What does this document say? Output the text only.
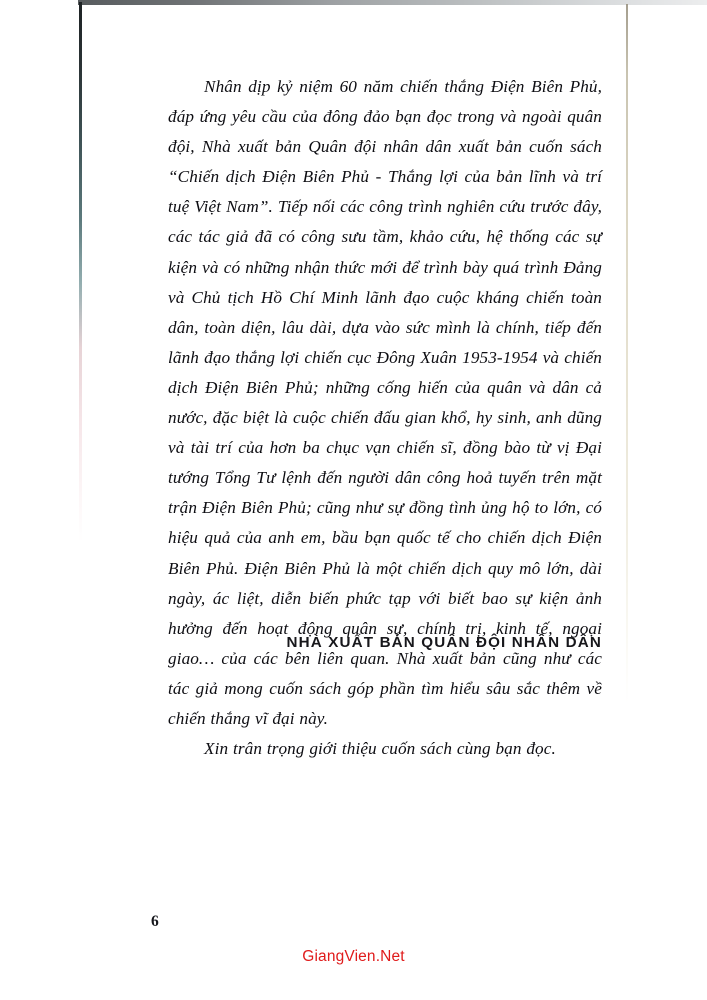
Nhân dịp kỷ niệm 60 năm chiến thắng Điện Biên Phủ, đáp ứng yêu cầu của đông đảo bạn đọc trong và ngoài quân đội, Nhà xuất bản Quân đội nhân dân xuất bản cuốn sách “Chiến dịch Điện Biên Phủ - Thắng lợi của bản lĩnh và trí tuệ Việt Nam”. Tiếp nối các công trình nghiên cứu trước đây, các tác giả đã có công sưu tầm, khảo cứu, hệ thống các sự kiện và có những nhận thức mới để trình bày quá trình Đảng và Chủ tịch Hồ Chí Minh lãnh đạo cuộc kháng chiến toàn dân, toàn diện, lâu dài, dựa vào sức mình là chính, tiếp đến lãnh đạo thắng lợi chiến cục Đông Xuân 1953-1954 và chiến dịch Điện Biên Phủ; những cống hiến của quân và dân cả nước, đặc biệt là cuộc chiến đấu gian khổ, hy sinh, anh dũng và tài trí của hơn ba chục vạn chiến sĩ, đồng bào từ vị Đại tướng Tổng Tư lệnh đến người dân công hoả tuyến trên mặt trận Điện Biên Phủ; cũng như sự đồng tình ủng hộ to lớn, có hiệu quả của anh em, bầu bạn quốc tế cho chiến dịch Điện Biên Phủ. Điện Biên Phủ là một chiến dịch quy mô lớn, dài ngày, ác liệt, diễn biến phức tạp với biết bao sự kiện ảnh hưởng đến hoạt động quân sự, chính trị, kinh tế, ngoại giao… của các bên liên quan. Nhà xuất bản cũng như các tác giả mong cuốn sách góp phần tìm hiểu sâu sắc thêm về chiến thắng vĩ đại này.

Xin trân trọng giới thiệu cuốn sách cùng bạn đọc.

NHÀ XUẤT BẢN QUÂN ĐỘI NHÂN DÂN
6
GiangVien.Net
